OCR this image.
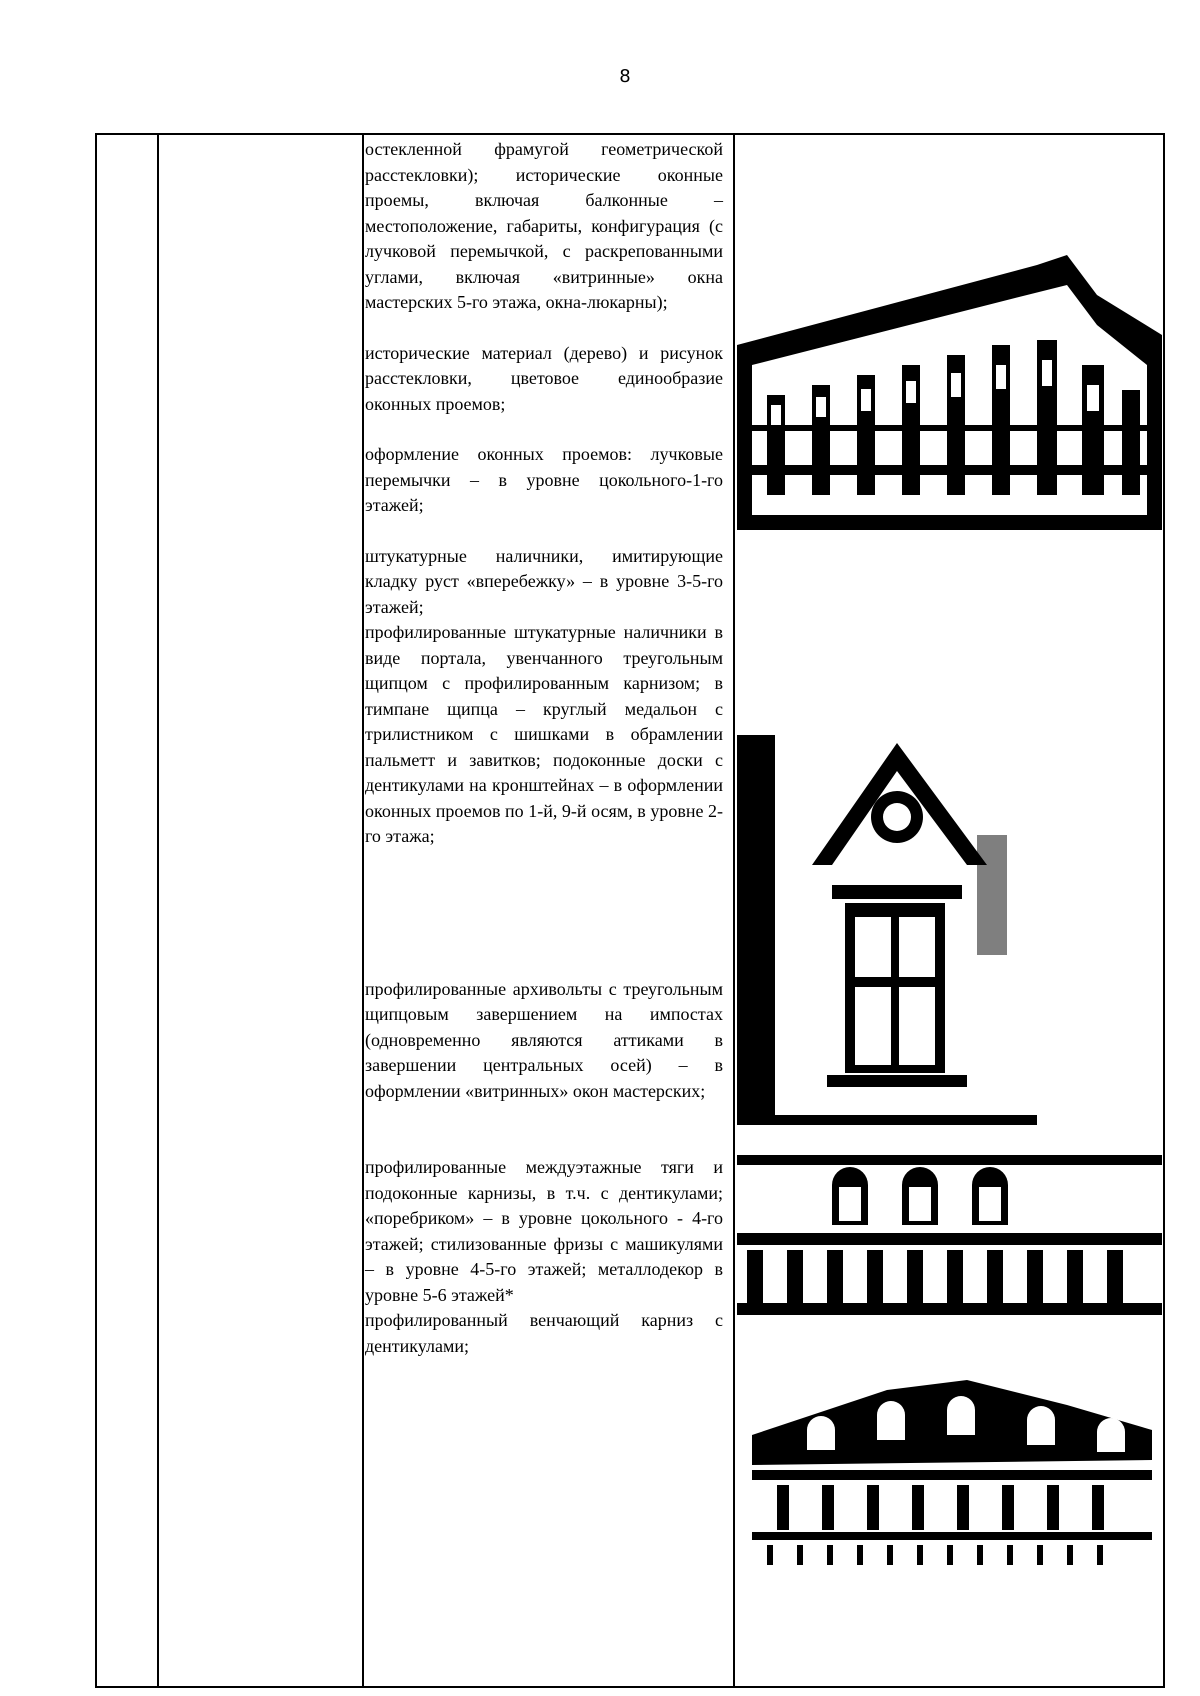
8

остекленной фрамугой геометрической расстекловки); исторические оконные проемы, включая балконные – местоположение, габариты, конфигурация (с лучковой перемычкой, с раскрепованными углами, включая «витринные» окна мастерских 5-го этажа, окна-люкарны);

исторические материал (дерево) и рисунок расстекловки, цветовое единообразие оконных проемов;

оформление оконных проемов: лучковые перемычки – в уровне цокольного-1-го этажей;

штукатурные наличники, имитирующие кладку руст «вперебежку» – в уровне 3-5-го этажей;

профилированные штукатурные наличники в виде портала, увенчанного треугольным щипцом с профилированным карнизом; в тимпане щипца – круглый медальон с трилистником с шишками в обрамлении пальметт и завитков; подоконные доски с дентикулами на кронштейнах – в оформлении оконных проемов по 1-й, 9-й осям, в уровне 2-го этажа;

профилированные архивольты с треугольным щипцовым завершением на импостах (одновременно являются аттиками в завершении центральных осей) – в оформлении «витринных» окон мастерских;

профилированные междуэтажные тяги и подоконные карнизы, в т.ч. с дентикулами; «поребриком» – в уровне цокольного - 4-го этажей; стилизованные фризы с машикулями – в уровне 4-5-го этажей; металлодекор в уровне 5-6 этажей*

профилированный венчающий карниз с дентикулами;
